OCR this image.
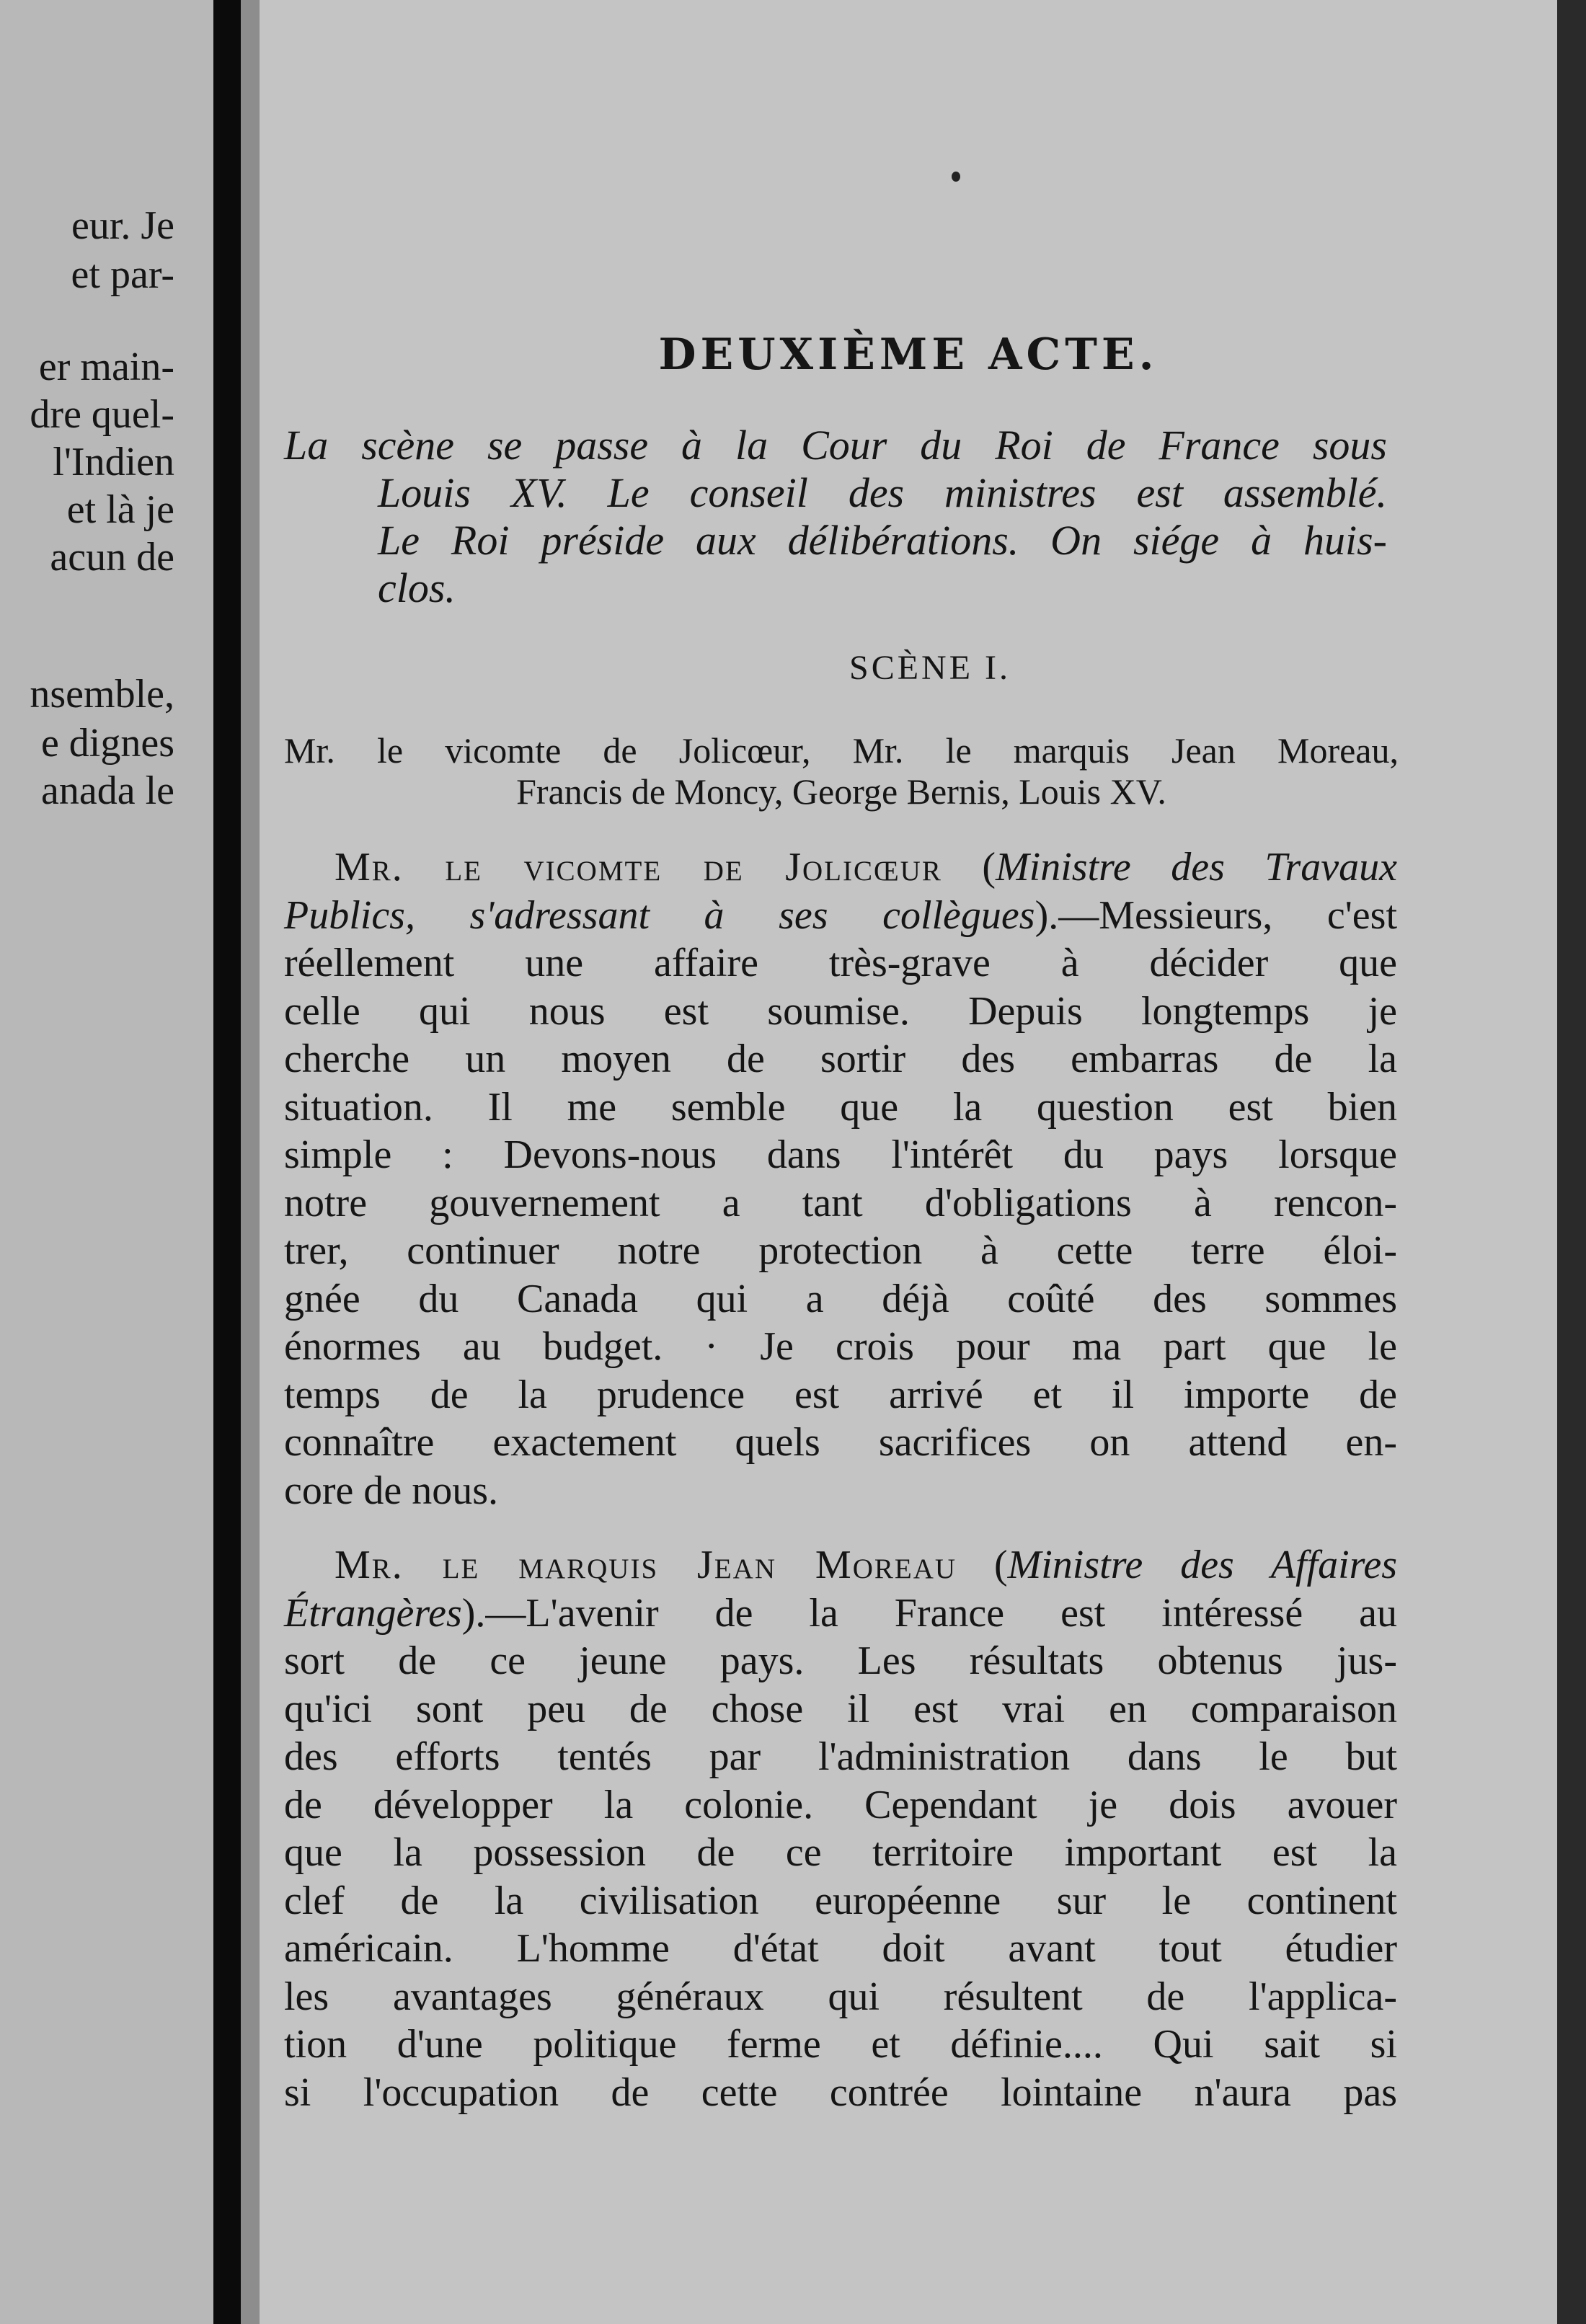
eur. Je
et par-
er main-
dre quel-
l'Indien
et là je
acun de
nsemble,
e dignes
anada le
DEUXIÈME ACTE.
La scène se passe à la Cour du Roi de France sous
Louis XV. Le conseil des ministres est assemblé.
Le Roi préside aux délibérations. On siége à huis-
clos.
SCÈNE I.
Mr. le vicomte de Jolicœur, Mr. le marquis Jean Moreau,
Francis de Moncy, George Bernis, Louis XV.
Mr. le vicomte de Jolicœur (Ministre des Travaux
Publics, s'adressant à ses collègues).—Messieurs, c'est
réellement une affaire très-grave à décider que
celle qui nous est soumise. Depuis longtemps je
cherche un moyen de sortir des embarras de la
situation. Il me semble que la question est bien
simple : Devons-nous dans l'intérêt du pays lorsque
notre gouvernement a tant d'obligations à rencon-
trer, continuer notre protection à cette terre éloi-
gnée du Canada qui a déjà coûté des sommes
énormes au budget. · Je crois pour ma part que le
temps de la prudence est arrivé et il importe de
connaître exactement quels sacrifices on attend en-
core de nous.
Mr. le marquis Jean Moreau (Ministre des Affaires
Étrangères).—L'avenir de la France est intéressé au
sort de ce jeune pays. Les résultats obtenus jus-
qu'ici sont peu de chose il est vrai en comparaison
des efforts tentés par l'administration dans le but
de développer la colonie. Cependant je dois avouer
que la possession de ce territoire important est la
clef de la civilisation européenne sur le continent
américain. L'homme d'état doit avant tout étudier
les avantages généraux qui résultent de l'applica-
tion d'une politique ferme et définie.... Qui sait si
si l'occupation de cette contrée lointaine n'aura pas
